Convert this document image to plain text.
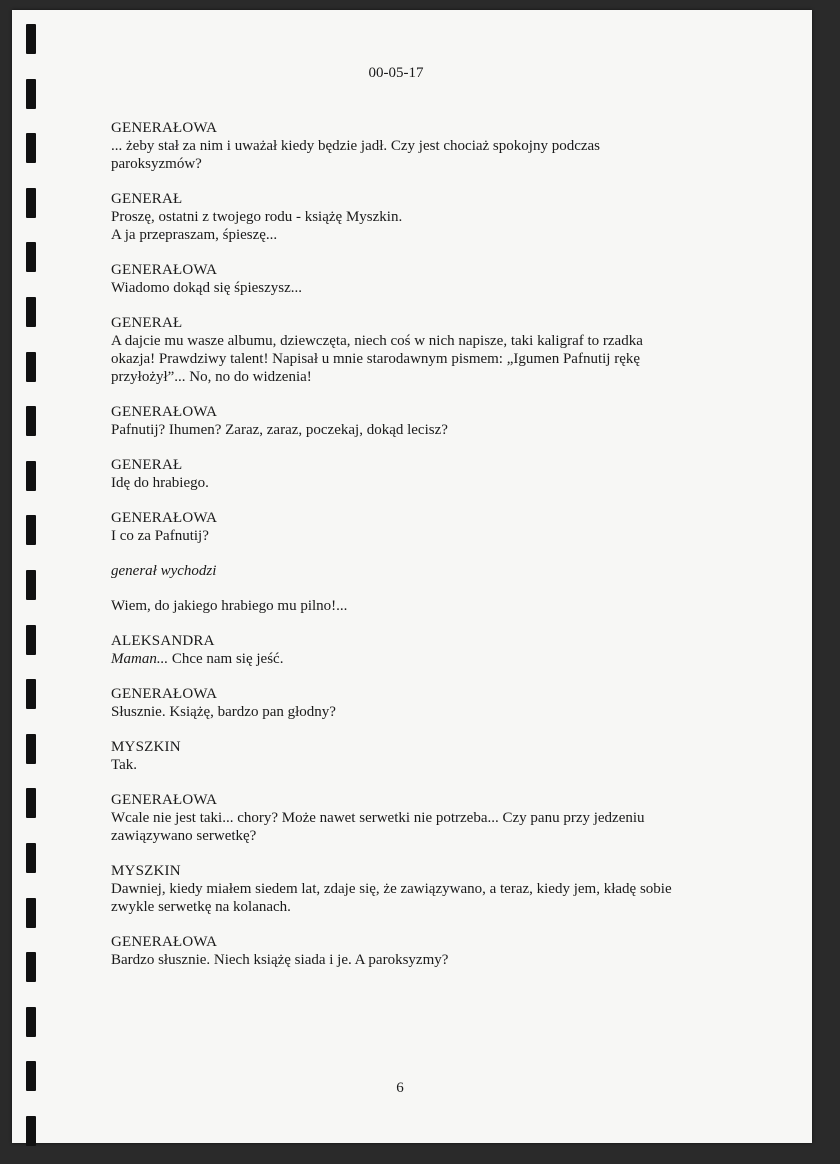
00-05-17
GENERAŁOWA
... żeby stał za nim i uważał kiedy będzie jadł. Czy jest chociaż spokojny podczas
paroksyzmów?
GENERAŁ
Proszę, ostatni z twojego rodu - książę Myszkin.
A ja przepraszam, śpieszę...
GENERAŁOWA
Wiadomo dokąd się śpieszysz...
GENERAŁ
A dajcie mu wasze albumu, dziewczęta, niech coś w nich napisze, taki kaligraf to rzadka
okazja! Prawdziwy talent! Napisał u mnie starodawnym pismem: „Igumen Pafnutij rękę
przyłożył”... No, no do widzenia!
GENERAŁOWA
Pafnutij? Ihumen? Zaraz, zaraz, poczekaj, dokąd lecisz?
GENERAŁ
Idę do hrabiego.
GENERAŁOWA
I co za Pafnutij?
generał wychodzi
Wiem, do jakiego hrabiego mu pilno!...
ALEKSANDRA
Maman... Chce nam się jeść.
GENERAŁOWA
Słusznie. Książę, bardzo pan głodny?
MYSZKIN
Tak.
GENERAŁOWA
Wcale nie jest taki... chory? Może nawet serwetki nie potrzeba... Czy panu przy jedzeniu
zawiązywano serwetkę?
MYSZKIN
Dawniej, kiedy miałem siedem lat, zdaje się, że zawiązywano, a teraz, kiedy jem, kładę sobie
zwykle serwetkę na kolanach.
GENERAŁOWA
Bardzo słusznie. Niech książę siada i je. A paroksyzmy?
6
